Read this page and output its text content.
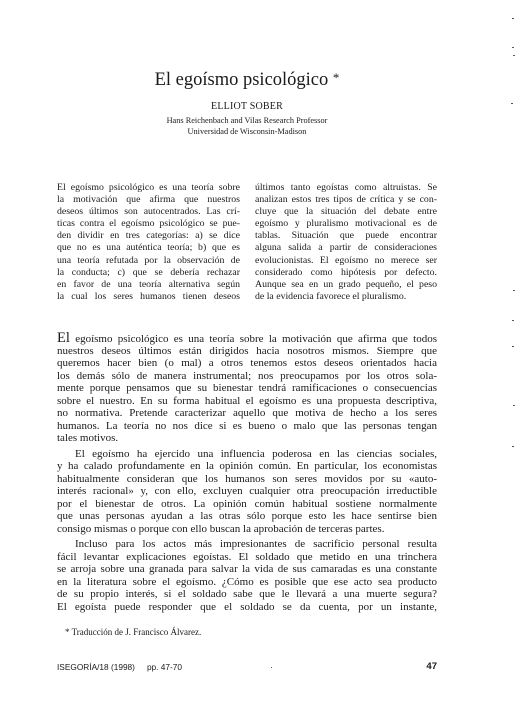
El egoísmo psicológico *
ELLIOT SOBER
Hans Reichenbach and Vilas Research Professor
Universidad de Wisconsin-Madison
El egoísmo psicológico es una teoría sobre
la motivación que afirma que nuestros
deseos últimos son autocentrados. Las crí-
ticas contra el egoísmo psicológico se pue-
den dividir en tres categorías: a) se dice
que no es una auténtica teoría; b) que es
una teoría refutada por la observación de
la conducta; c) que se debería rechazar
en favor de una teoría alternativa según
la cual los seres humanos tienen deseos
últimos tanto egoístas como altruistas. Se
analizan estos tres tipos de crítica y se con-
cluye que la situación del debate entre
egoísmo y pluralismo motivacional es de
tablas. Situación que puede encontrar
alguna salida a partir de consideraciones
evolucionistas. El egoísmo no merece ser
considerado como hipótesis por defecto.
Aunque sea en un grado pequeño, el peso
de la evidencia favorece el pluralismo.
El egoísmo psicológico es una teoría sobre la motivación que afirma que todos
nuestros deseos últimos están dirigidos hacia nosotros mismos. Siempre que
queremos hacer bien (o mal) a otros tenemos estos deseos orientados hacia
los demás sólo de manera instrumental; nos preocupamos por los otros sola-
mente porque pensamos que su bienestar tendrá ramificaciones o consecuencias
sobre el nuestro. En su forma habitual el egoísmo es una propuesta descriptiva,
no normativa. Pretende caracterizar aquello que motiva de hecho a los seres
humanos. La teoría no nos dice si es bueno o malo que las personas tengan
tales motivos.
El egoísmo ha ejercido una influencia poderosa en las ciencias sociales,
y ha calado profundamente en la opinión común. En particular, los economistas
habitualmente consideran que los humanos son seres movidos por su «auto-
interés racional» y, con ello, excluyen cualquier otra preocupación irreductible
por el bienestar de otros. La opinión común habitual sostiene normalmente
que unas personas ayudan a las otras sólo porque esto les hace sentirse bien
consigo mismas o porque con ello buscan la aprobación de terceras partes.
Incluso para los actos más impresionantes de sacrificio personal resulta
fácil levantar explicaciones egoístas. El soldado que metido en una trinchera
se arroja sobre una granada para salvar la vida de sus camaradas es una constante
en la literatura sobre el egoísmo. ¿Cómo es posible que ese acto sea producto
de su propio interés, si el soldado sabe que le llevará a una muerte segura?
El egoísta puede responder que el soldado se da cuenta, por un instante,
* Traducción de J. Francisco Álvarez.
ISEGORÍA/18 (1998) pp. 47-70	47
